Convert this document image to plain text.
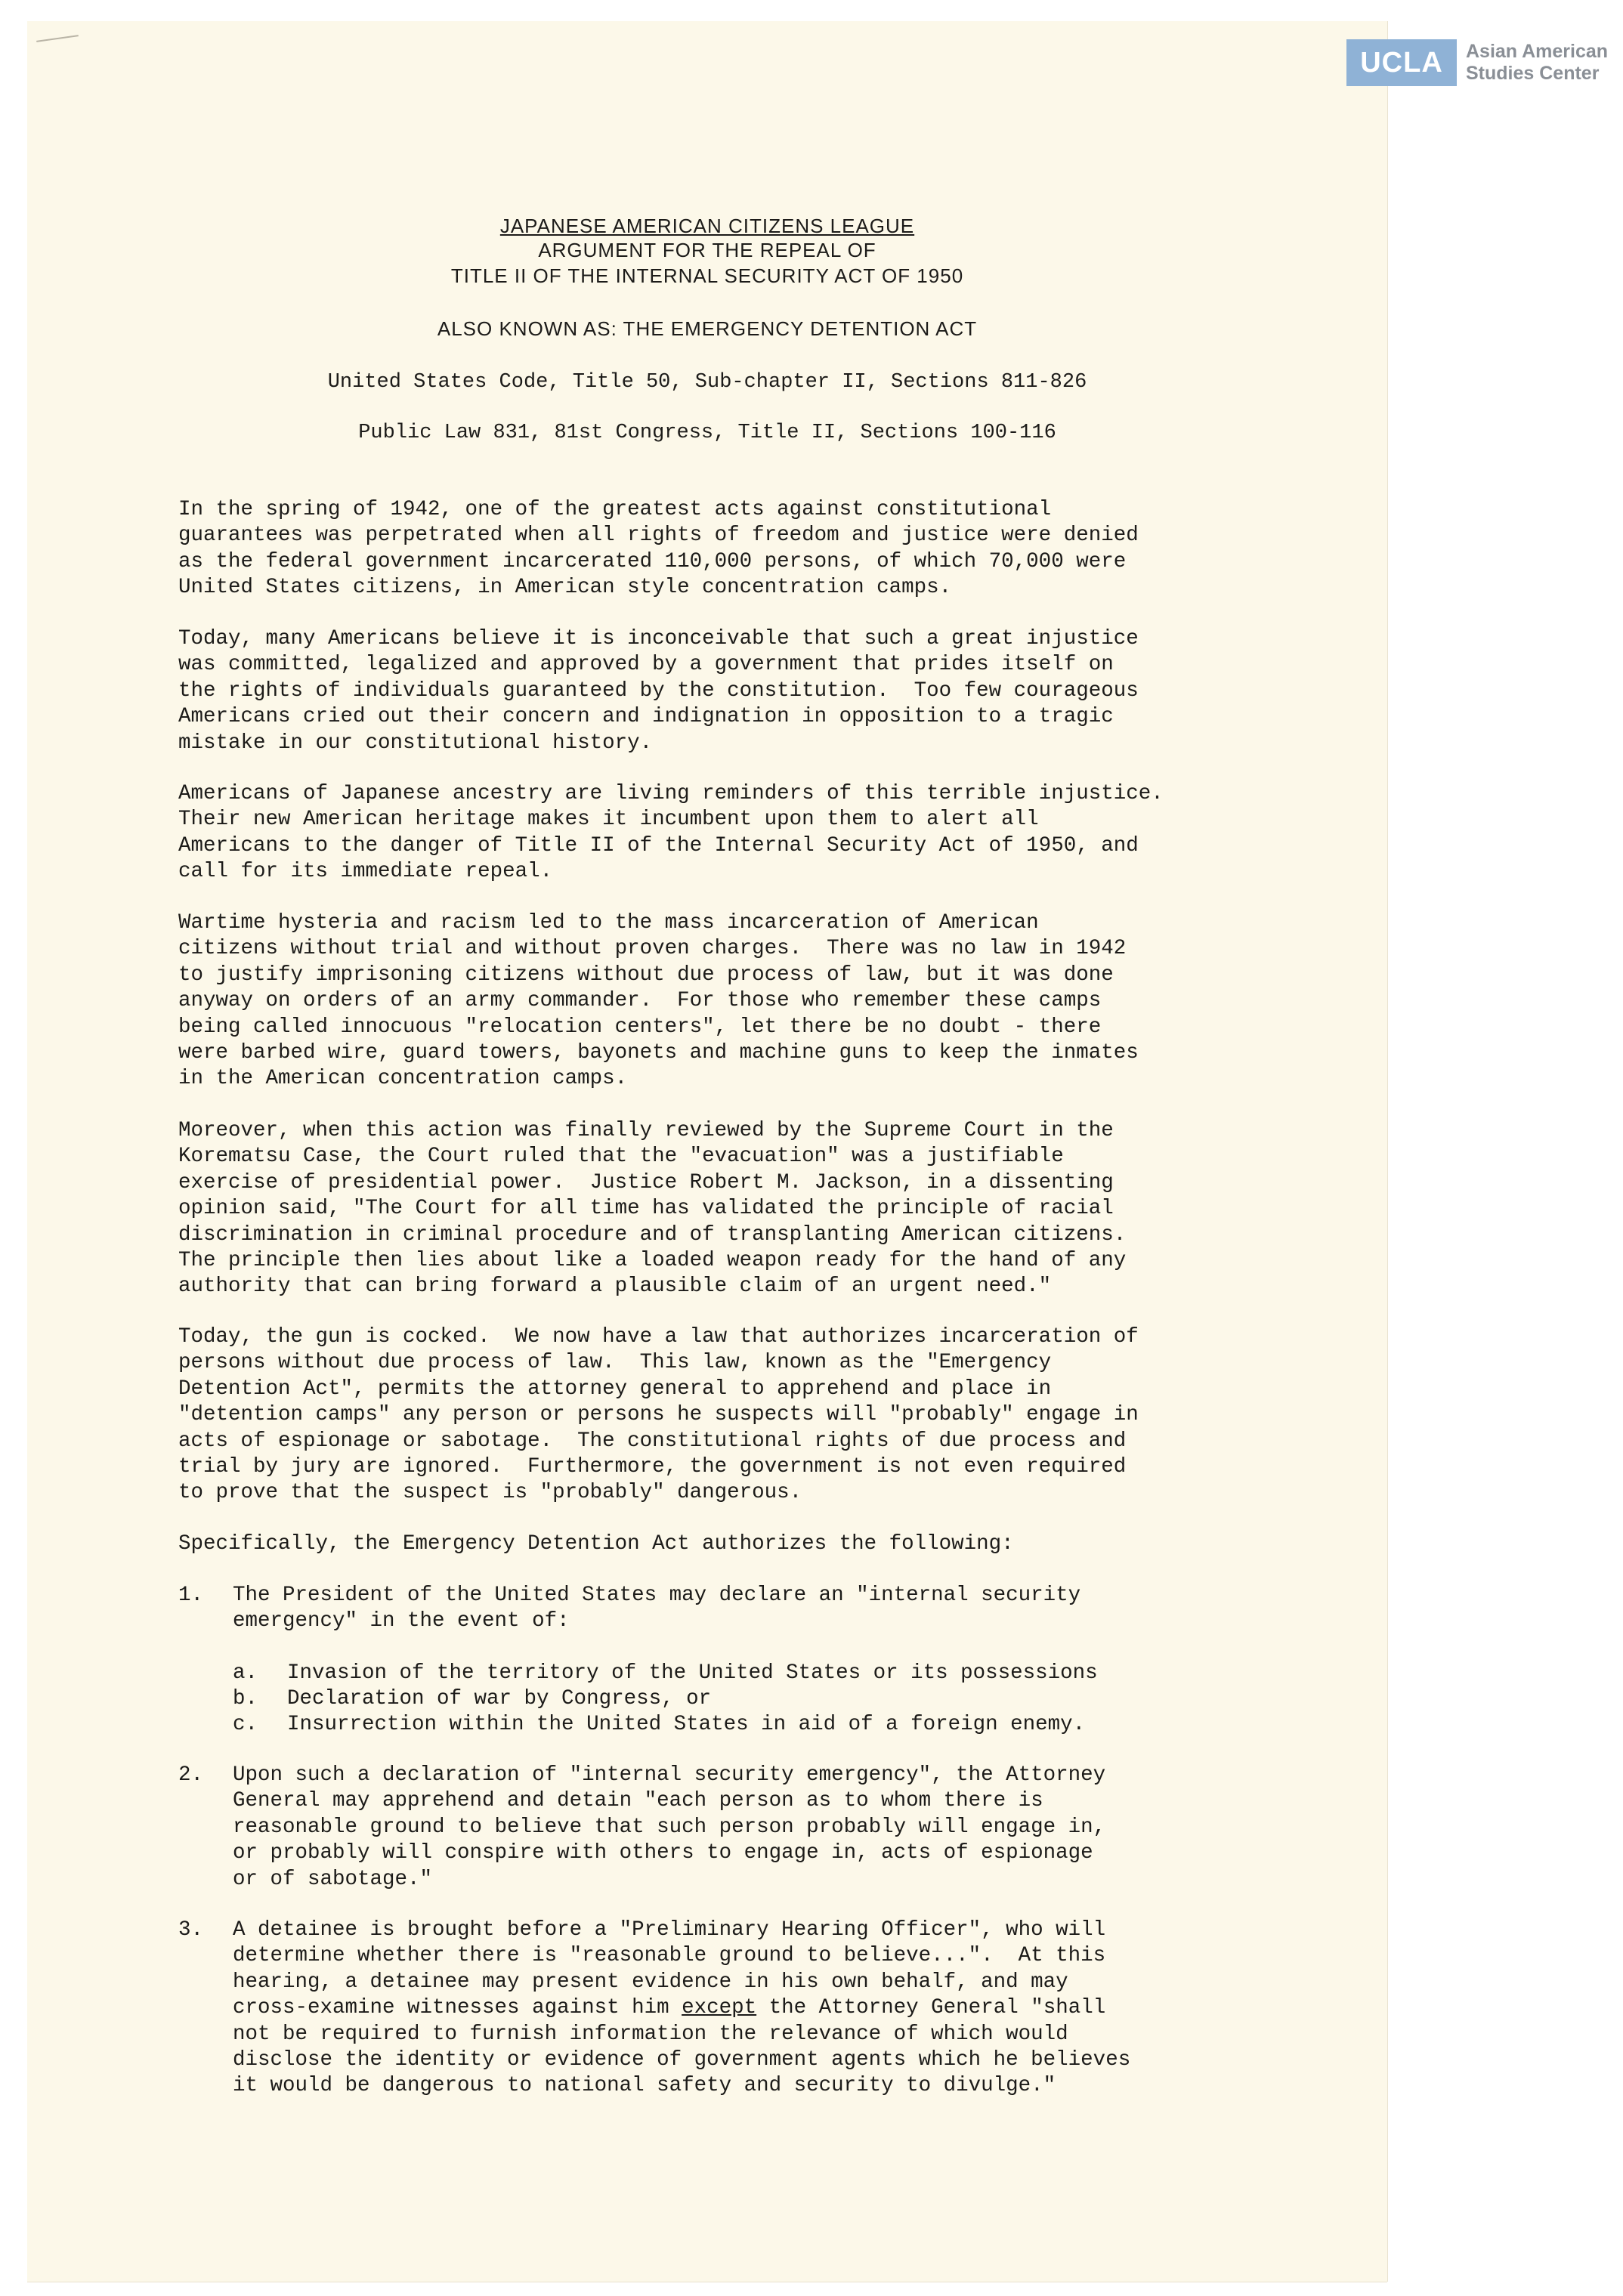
UCLA	Asian American
Studies Center
JAPANESE AMERICAN CITIZENS LEAGUE
ARGUMENT FOR THE REPEAL OF
TITLE II OF THE INTERNAL SECURITY ACT OF 1950
ALSO KNOWN AS: THE EMERGENCY DETENTION ACT
United States Code, Title 50, Sub-chapter II, Sections 811-826
Public Law 831, 81st Congress, Title II, Sections 100-116

In the spring of 1942, one of the greatest acts against constitutional
guarantees was perpetrated when all rights of freedom and justice were denied
as the federal government incarcerated 110,000 persons, of which 70,000 were
United States citizens, in American style concentration camps.

Today, many Americans believe it is inconceivable that such a great injustice
was committed, legalized and approved by a government that prides itself on
the rights of individuals guaranteed by the constitution.  Too few courageous
Americans cried out their concern and indignation in opposition to a tragic
mistake in our constitutional history.

Americans of Japanese ancestry are living reminders of this terrible injustice.
Their new American heritage makes it incumbent upon them to alert all
Americans to the danger of Title II of the Internal Security Act of 1950, and
call for its immediate repeal.

Wartime hysteria and racism led to the mass incarceration of American
citizens without trial and without proven charges.  There was no law in 1942
to justify imprisoning citizens without due process of law, but it was done
anyway on orders of an army commander.  For those who remember these camps
being called innocuous "relocation centers", let there be no doubt - there
were barbed wire, guard towers, bayonets and machine guns to keep the inmates
in the American concentration camps.

Moreover, when this action was finally reviewed by the Supreme Court in the
Korematsu Case, the Court ruled that the "evacuation" was a justifiable
exercise of presidential power.  Justice Robert M. Jackson, in a dissenting
opinion said, "The Court for all time has validated the principle of racial
discrimination in criminal procedure and of transplanting American citizens.
The principle then lies about like a loaded weapon ready for the hand of any
authority that can bring forward a plausible claim of an urgent need."

Today, the gun is cocked.  We now have a law that authorizes incarceration of
persons without due process of law.  This law, known as the "Emergency
Detention Act", permits the attorney general to apprehend and place in
"detention camps" any person or persons he suspects will "probably" engage in
acts of espionage or sabotage.  The constitutional rights of due process and
trial by jury are ignored.  Furthermore, the government is not even required
to prove that the suspect is "probably" dangerous.

Specifically, the Emergency Detention Act authorizes the following:

1. The President of the United States may declare an "internal security
emergency" in the event of:

a. Invasion of the territory of the United States or its possessions
b. Declaration of war by Congress, or
c. Insurrection within the United States in aid of a foreign enemy.
2. Upon such a declaration of "internal security emergency", the Attorney
General may apprehend and detain "each person as to whom there is
reasonable ground to believe that such person probably will engage in,
or probably will conspire with others to engage in, acts of espionage
or of sabotage."

3. A detainee is brought before a "Preliminary Hearing Officer", who will
determine whether there is "reasonable ground to believe...".  At this
hearing, a detainee may present evidence in his own behalf, and may
cross-examine witnesses against him except the Attorney General "shall
not be required to furnish information the relevance of which would
disclose the identity or evidence of government agents which he believes
it would be dangerous to national safety and security to divulge."
